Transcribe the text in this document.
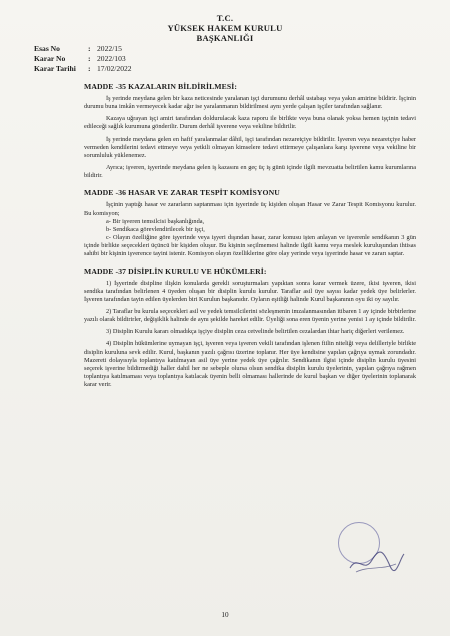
T.C.
YÜKSEK HAKEM KURULU
BAŞKANLIĞI
Esas No	: 2022/15
Karar No	: 2022/103
Karar Tarihi	: 17/02/2022
MADDE -35 KAZALARIN BİLDİRİLMESİ:

İş yerinde meydana gelen bir kaza neticesinde yaralanan işçi durumunu derhâl ustabaşı veya yakın amirine bildirir. İşçinin durumu buna imkân vermeyecek kadar ağır ise yaralanmanın bildirilmesi aynı yerde çalışan işçiler tarafından sağlanır.

Kazaya uğrayan işçi amiri tarafından doldurulacak kaza raporu ile birlikte veya buna olanak yoksa hemen işçinin tedavi edileceği sağlık kurumuna gönderilir. Durum derhâl işverene veya vekiline bildirilir.

İş yerinde meydana gelen en hafif yaralanmalar dâhil, işçi tarafından nezaretçiye bildirilir. İşveren veya nezaretçiye haber vermeden kendilerini tedavi ettmeye veya yetkili olmayan kimselere tedavi ettirmeye çalışanlara karşı işverene veya vekiline bir sorumluluk yüklenemez.

Ayrıca; işveren, işyerinde meydana gelen iş kazasını en geç üç iş günü içinde ilgili mevzuatta belirtilen kamu kurumlarına bildirir.

MADDE -36 HASAR VE ZARAR TESPİT KOMİSYONU

İşçinin yaptığı hasar ve zararların saptanması için işyerinde üç kişiden oluşan Hasar ve Zarar Tespit Komisyonu kurulur. Bu komisyon;

a- Bir işveren temsilcisi başkanlığında,
b- Sendikaca görevlendirilecek bir işçi,

c- Olayın özelliğine göre işyerinde veya işyeri dışından hasar, zarar konusu işten anlayan ve işverenle sendikanın 3 gün içinde birlikte seçecekleri üçüncü bir kişiden oluşur. Bu kişinin seçilmemesi halinde ilgili kamu veya meslek kuruluşundan ihtisas sahibi bir kişinin işverence tayini istenir. Komisyon olayın özelliklerine göre olay yerinde veya işyerinde hasar ve zararı saptar.

MADDE -37 DİSİPLİN KURULU VE HÜKÜMLERİ:

1) İşyerinde disipline ilişkin konularda gerekli soruşturmaları yapıktan sonra karar vermek üzere, ikisi işveren, ikisi sendika tarafından belirlenen 4 üyeden oluşan bir disiplin kurulu kurulur. Taraflar asil üye sayısı kadar yedek üye belirlerler. İşveren tarafından tayin edilen üyelerden biri Kurulun başkanıdır. Oyların eşitliği halinde Kurul başkanının oyu iki oy sayılır.

2) Taraflar bu kurula seçecekleri asil ve yedek temsilcilerini sözleşmenin imzalanmasından itibaren 1 ay içinde birbirlerine yazılı olarak bildirirler, değişiklik halinde de aynı şekilde hareket edilir. Üyeliği sona eren üyenin yerine yenisi 1 ay içinde bildirilir.

3) Disiplin Kurulu kararı olmadıkça işçiye disiplin ceza cetvelinde belirtilen cezalardan ihtar hariç diğerleri verilemez.

4) Disiplin hükümlerine uymayan işçi, işveren veya işveren vekili tarafından işlenen fiilin niteliği veya delilleriyle birlikte disiplin kuruluna sevk edilir. Kurul, başkanın yazılı çağrısı üzerine toplanır. Her üye kendisine yapılan çağrıya uymak zorundadır. Mazereti dolayısıyla toplantıya katılmayan asil üye yerine yedek üye çağrılır. Sendikanın ilgisi içinde disiplin kurulu üyesini seçerek işverine bildirmediği haller dahil her ne sebeple olursa olsun sendika disiplin kurulu üyelerinin, yapılan çağrıya rağmen toplantıya katılmaması veya toplantıya katılacak üyenin belli olmaması hallerinde de kurul başkan ve diğer üyelerinin toplanarak karar verir.

10
